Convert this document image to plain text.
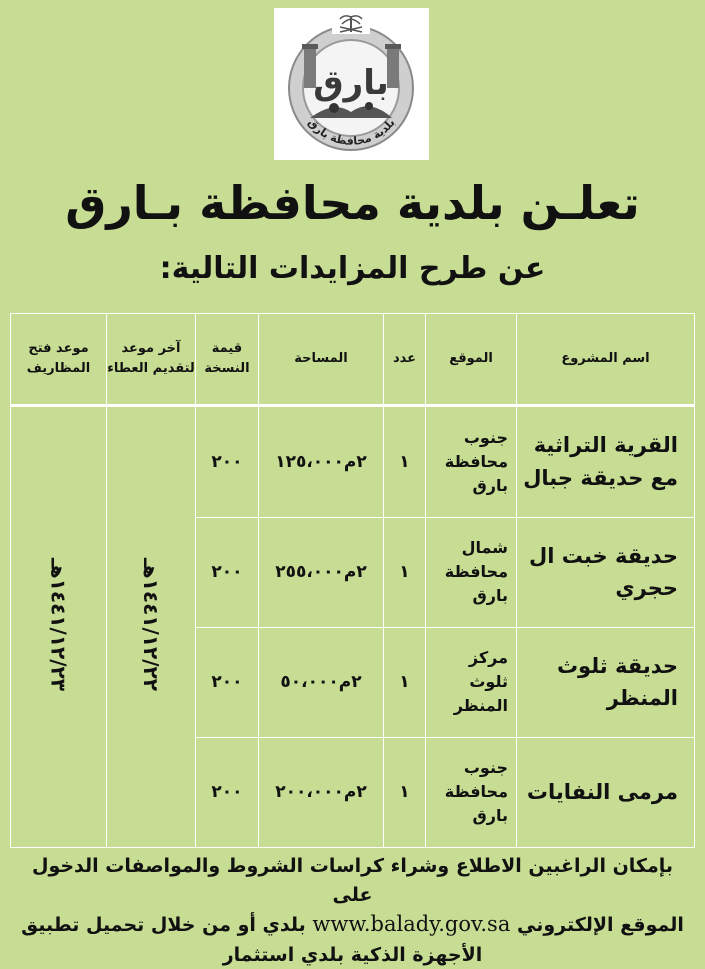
بارق
بلدية محافظة بارق
تعلـن بلدية محافظة بـارق
عن طرح المزايدات التالية:
اسم المشروع	الموقع	عدد	المساحة	قيمة النسخة	آخر موعد لتقديم العطاء	موعد فتح المظاريف
القرية التراثية مع حديقة جبال	جنوب محافظة بارق	١	٢م١٢٥،٠٠٠	٢٠٠	١٤٤١/١٢/٢٢هـ	١٤٤١/١٢/٢٣هـ
حديقة خبت ال حجري	شمال محافظة بارق	١	٢م٢٥٥،٠٠٠	٢٠٠		
حديقة ثلوث المنظر	مركز ثلوث المنظر	١	٢م٥٠،٠٠٠	٢٠٠		
مرمى النفايات	جنوب محافظة بارق	١	٢م٢٠٠،٠٠٠	٢٠٠		
بإمكان الراغبين الاطلاع وشراء كراسات الشروط والمواصفات الدخول على
الموقع الإلكتروني www.balady.gov.sa بلدي أو من خلال تحميل تطبيق
الأجهزة الذكية بلدي استثمار
